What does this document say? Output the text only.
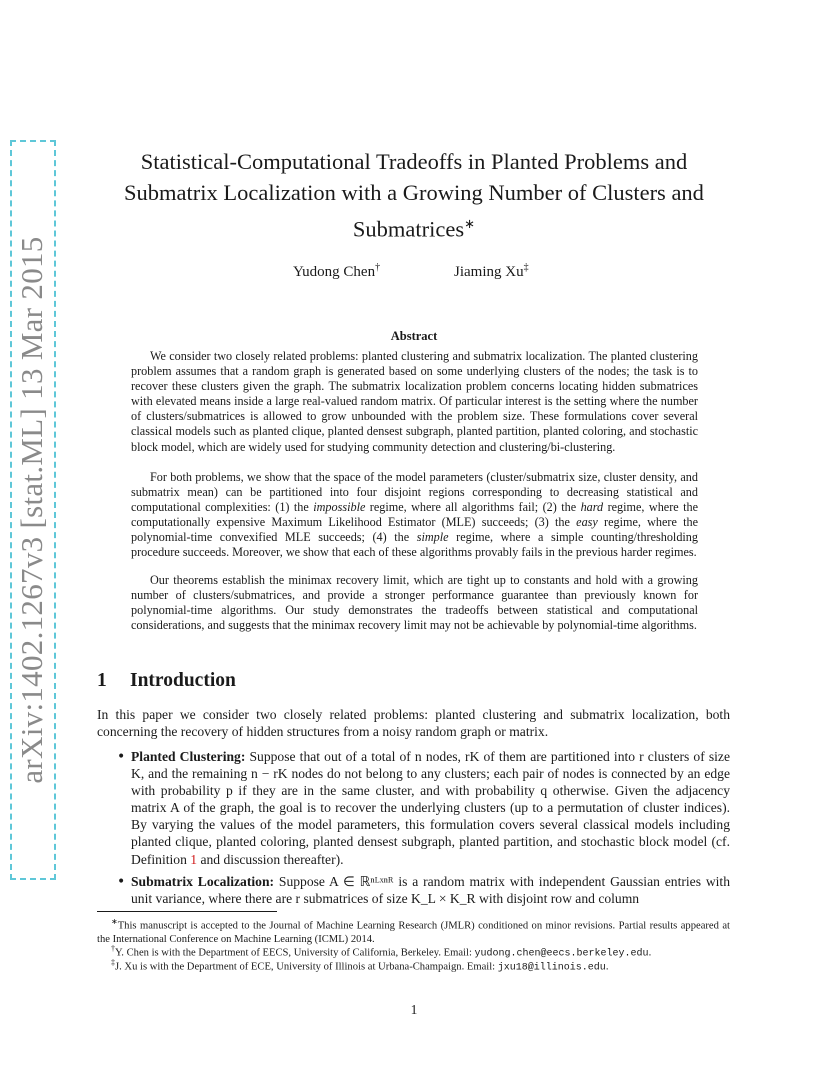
arXiv:1402.1267v3 [stat.ML] 13 Mar 2015
Statistical-Computational Tradeoffs in Planted Problems and
Submatrix Localization with a Growing Number of Clusters and
Submatrices∗
Yudong Chen†	Jiaming Xu‡
Abstract

We consider two closely related problems: planted clustering and submatrix localization. The planted clustering problem assumes that a random graph is generated based on some underlying clusters of the nodes; the task is to recover these clusters given the graph. The submatrix localization problem concerns locating hidden submatrices with elevated means inside a large real-valued random matrix. Of particular interest is the setting where the number of clusters/submatrices is allowed to grow unbounded with the problem size. These formulations cover several classical models such as planted clique, planted densest subgraph, planted partition, planted coloring, and stochastic block model, which are widely used for studying community detection and clustering/bi-clustering.

For both problems, we show that the space of the model parameters (cluster/submatrix size, cluster density, and submatrix mean) can be partitioned into four disjoint regions corresponding to decreasing statistical and computational complexities: (1) the impossible regime, where all algorithms fail; (2) the hard regime, where the computationally expensive Maximum Likelihood Estimator (MLE) succeeds; (3) the easy regime, where the polynomial-time convexified MLE succeeds; (4) the simple regime, where a simple counting/thresholding procedure succeeds. Moreover, we show that each of these algorithms provably fails in the previous harder regimes.

Our theorems establish the minimax recovery limit, which are tight up to constants and hold with a growing number of clusters/submatrices, and provide a stronger performance guarantee than previously known for polynomial-time algorithms. Our study demonstrates the tradeoffs between statistical and computational considerations, and suggests that the minimax recovery limit may not be achievable by polynomial-time algorithms.

1 Introduction

In this paper we consider two closely related problems: planted clustering and submatrix localization, both concerning the recovery of hidden structures from a noisy random graph or matrix.

• Planted Clustering: Suppose that out of a total of n nodes, rK of them are partitioned into r clusters of size K, and the remaining n − rK nodes do not belong to any clusters; each pair of nodes is connected by an edge with probability p if they are in the same cluster, and with probability q otherwise. Given the adjacency matrix A of the graph, the goal is to recover the underlying clusters (up to a permutation of cluster indices). By varying the values of the model parameters, this formulation covers several classical models including planted clique, planted coloring, planted densest subgraph, planted partition, and stochastic block model (cf. Definition 1 and discussion thereafter).

• Submatrix Localization: Suppose A ∈ ℝⁿᴸˣⁿᴿ is a random matrix with independent Gaussian entries with unit variance, where there are r submatrices of size K_L × K_R with disjoint row and column

∗This manuscript is accepted to the Journal of Machine Learning Research (JMLR) conditioned on minor revisions. Partial results appeared at the International Conference on Machine Learning (ICML) 2014.

†Y. Chen is with the Department of EECS, University of California, Berkeley. Email: yudong.chen@eecs.berkeley.edu.

‡J. Xu is with the Department of ECE, University of Illinois at Urbana-Champaign. Email: jxu18@illinois.edu.

1
